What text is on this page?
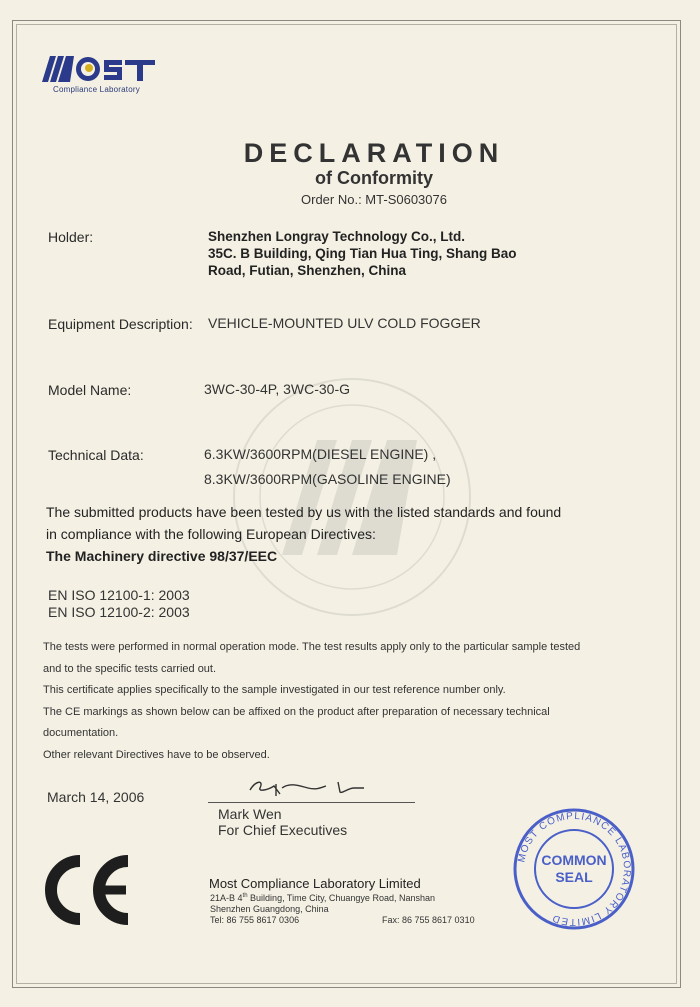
Compliance Laboratory
DECLARATION
of Conformity
Order No.: MT-S0603076
Holder:	Shenzhen Longray Technology Co., Ltd.
35C. B Building, Qing Tian Hua Ting, Shang Bao
Road, Futian, Shenzhen, China
Equipment Description: VEHICLE-MOUNTED ULV COLD FOGGER
Model Name:	3WC-30-4P, 3WC-30-G
Technical Data:	6.3KW/3600RPM(DIESEL ENGINE) ,
8.3KW/3600RPM(GASOLINE ENGINE)
The submitted products have been tested by us with the listed standards and found
in compliance with the following European Directives:
The Machinery directive 98/37/EEC
EN ISO 12100-1: 2003
EN ISO 12100-2: 2003
The tests were performed in normal operation mode. The test results apply only to the particular sample tested
and to the specific tests carried out.
This certificate applies specifically to the sample investigated in our test reference number only.
The CE markings as shown below can be affixed on the product after preparation of necessary technical
documentation.
Other relevant Directives have to be observed.
March 14, 2006
Mark Wen
For Chief Executives
Most Compliance Laboratory Limited
21A-B 4th Building, Time City, Chuangye Road, Nanshan
Shenzhen Guangdong, China
Tel: 86 755 8617 0306	Fax: 86 755 8617 0310
MOST COMPLIANCE LABORATORY LIMITED
COMMON
SEAL
